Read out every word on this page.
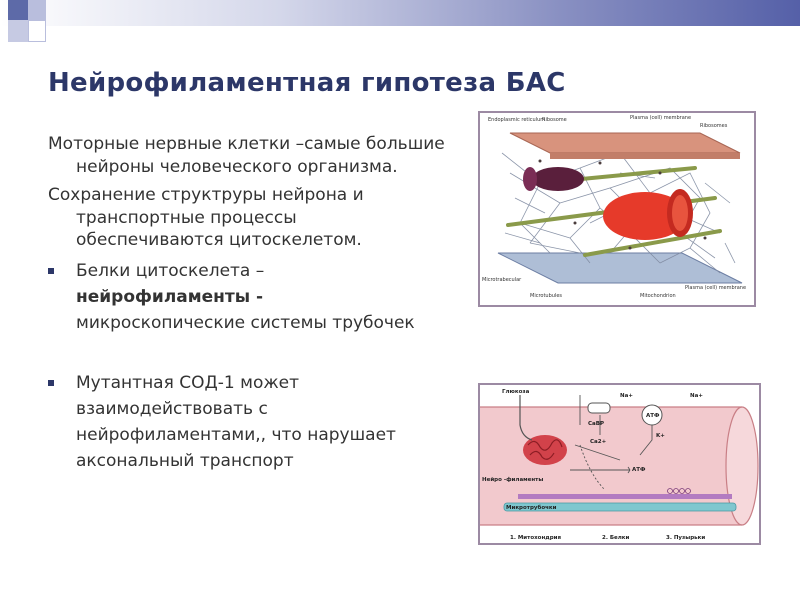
Нейрофиламентная гипотеза БАС

Моторные нервные клетки –самые большие нейроны человеческого организма.

Сохранение структруры нейрона и транспортные процессы обеспечиваются цитоскелетом.

Белки цитоскелета –
нейрофиламенты -
микроскопические системы трубочек
Мутантная СОД-1 может взаимодействовать с нейрофиламентами,, что нарушает аксональный транспорт
Endoplasmic reticulum
Ribosome	Plasma (cell) membrane
Ribosomes
Microtrabecular
Microtubules	Mitochondrion
Plasma (cell) membrane
Глюкоза
CaBP
Na+
АТФ
Na+
Ca2+
K+
АТФ
Нейро -филаменты
Микротрубочки
1. Митохондрия	2. Белки	3. Пузырьки
